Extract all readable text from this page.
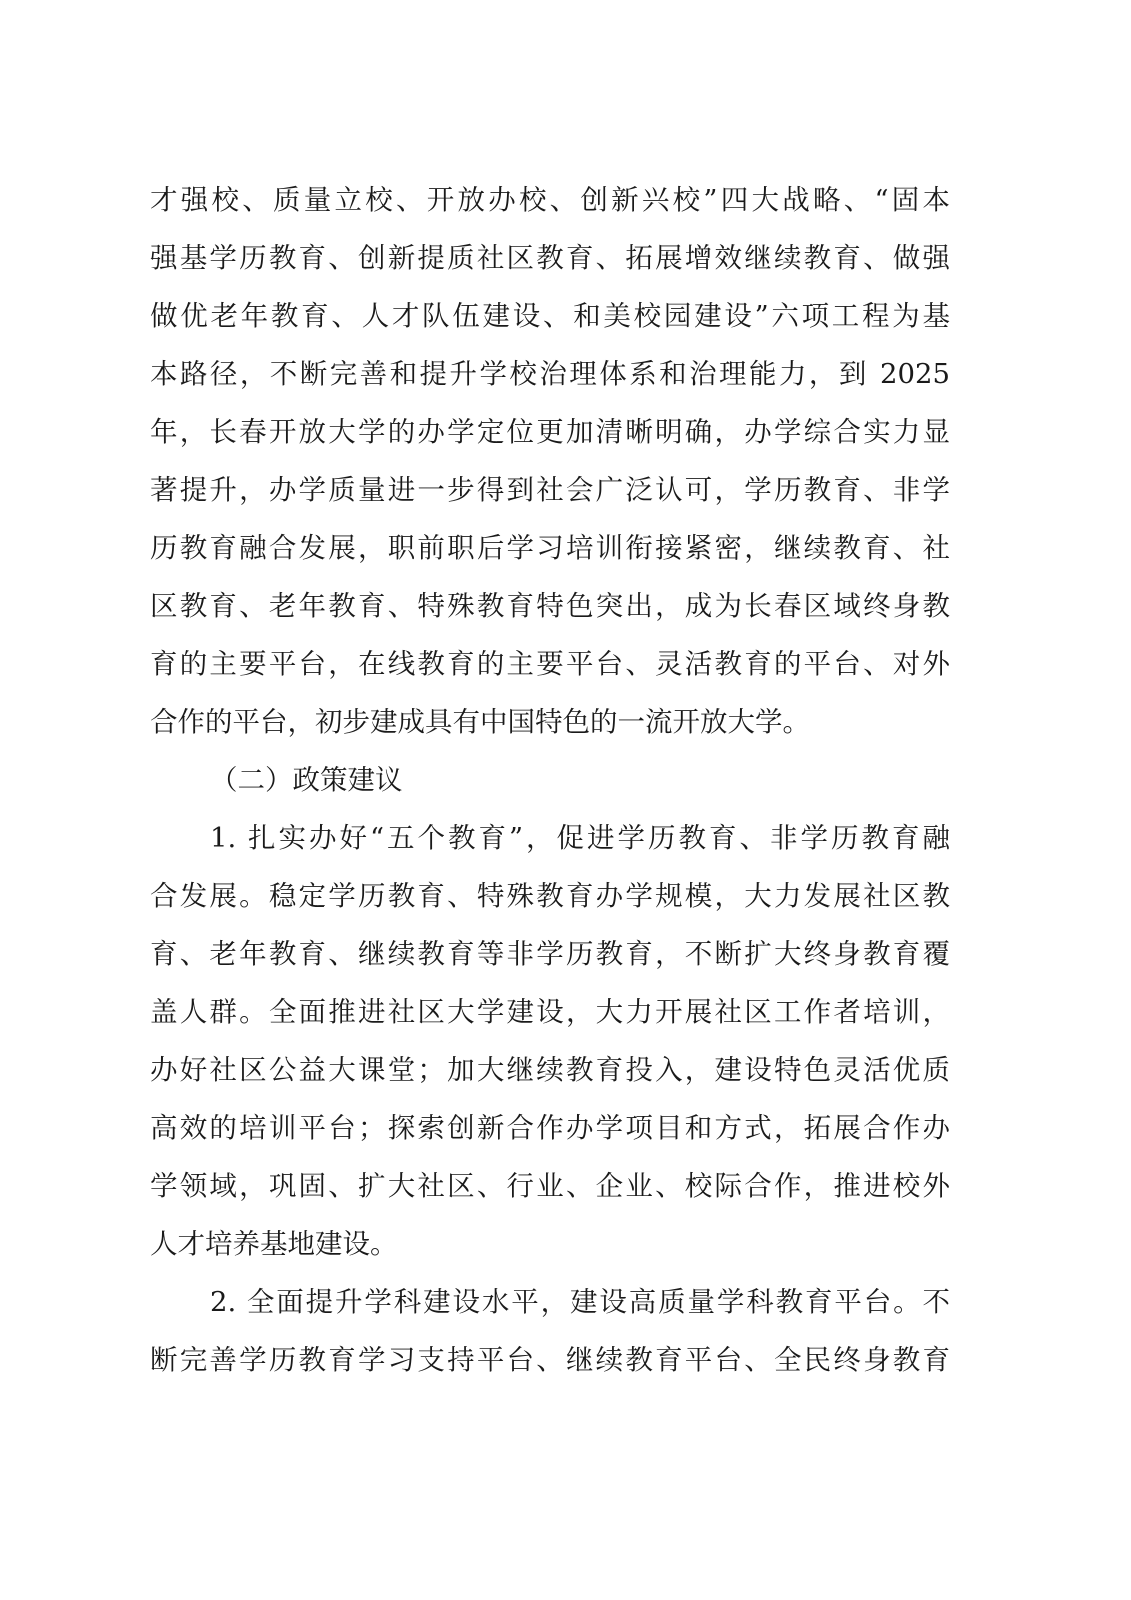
才强校、质量立校、开放办校、创新兴校”四大战略、“固本
强基学历教育、创新提质社区教育、拓展增效继续教育、做强
做优老年教育、人才队伍建设、和美校园建设”六项工程为基
本路径，不断完善和提升学校治理体系和治理能力，到 2025
年，长春开放大学的办学定位更加清晰明确，办学综合实力显
著提升，办学质量进一步得到社会广泛认可，学历教育、非学
历教育融合发展，职前职后学习培训衔接紧密，继续教育、社
区教育、老年教育、特殊教育特色突出，成为长春区域终身教
育的主要平台，在线教育的主要平台、灵活教育的平台、对外
合作的平台，初步建成具有中国特色的一流开放大学。
（二）政策建议
1. 扎实办好“五个教育”，促进学历教育、非学历教育融
合发展。稳定学历教育、特殊教育办学规模，大力发展社区教
育、老年教育、继续教育等非学历教育，不断扩大终身教育覆
盖人群。全面推进社区大学建设，大力开展社区工作者培训，
办好社区公益大课堂；加大继续教育投入，建设特色灵活优质
高效的培训平台；探索创新合作办学项目和方式，拓展合作办
学领域，巩固、扩大社区、行业、企业、校际合作，推进校外
人才培养基地建设。
2. 全面提升学科建设水平，建设高质量学科教育平台。不
断完善学历教育学习支持平台、继续教育平台、全民终身教育
